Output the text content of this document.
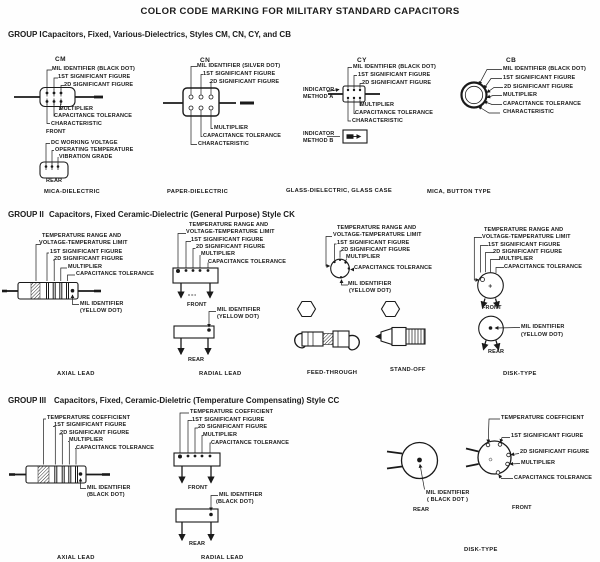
COLOR CODE MARKING FOR MILITARY STANDARD CAPACITORS
GROUP I Capacitors, Fixed, Various-Dielectrics, Styles CM, CN, CY, and CB
CM
MIL IDENTIFIER (BLACK DOT)
1ST SIGNIFICANT FIGURE
2D SIGNIFICANT FIGURE
MULTIPLIER
CAPACITANCE TOLERANCE
CHARACTERISTIC
FRONT
DC WORKING VOLTAGE
OPERATING TEMPERATURE
VIBRATION GRADE
REAR
MICA-DIELECTRIC
CN
MIL IDENTIFIER (SILVER DOT)
1ST SIGNIFICANT FIGURE
2D SIGNIFICANT FIGURE
MULTIPLIER
CAPACITANCE TOLERANCE
CHARACTERISTIC
PAPER-DIELECTRIC
CY
MIL IDENTIFIER (BLACK DOT)
1ST SIGNIFICANT FIGURE
2D SIGNIFICANT FIGURE
INDICATOR
METHOD A
MULTIPLIER
CAPACITANCE TOLERANCE
CHARACTERISTIC
INDICATOR
METHOD B
GLASS-DIELECTRIC, GLASS CASE
CB
MIL IDENTIFIER (BLACK DOT)
1ST SIGNIFICANT FIGURE
2D SIGNIFICANT FIGURE
MULTIPLIER
CAPACITANCE TOLERANCE
CHARACTERISTIC
MICA, BUTTON TYPE
GROUP II Capacitors, Fixed Ceramic-Dielectric (General Purpose) Style CK
TEMPERATURE RANGE AND
VOLTAGE-TEMPERATURE LIMIT
1ST SIGNIFICANT FIGURE
2D SIGNIFICANT FIGURE
MULTIPLIER
CAPACITANCE TOLERANCE
MIL IDENTIFIER
(YELLOW DOT)
AXIAL LEAD
TEMPERATURE RANGE AND
VOLTAGE-TEMPERATURE LIMIT
1ST SIGNIFICANT FIGURE
2D SIGNIFICANT FIGURE
MULTIPLIER
CAPACITANCE TOLERANCE
FRONT
MIL IDENTIFIER
(YELLOW DOT)
REAR
RADIAL LEAD
TEMPERATURE RANGE AND
VOLTAGE-TEMPERATURE LIMIT
1ST SIGNIFICANT FIGURE
2D SIGNIFICANT FIGURE
MULTIPLIER
CAPACITANCE TOLERANCE
MIL IDENTIFIER
(YELLOW DOT)
FEED-THROUGH	STAND-OFF
TEMPERATURE RANGE AND
VOLTAGE-TEMPERATURE LIMIT
1ST SIGNIFICANT FIGURE
2D SIGNIFICANT FIGURE
MULTIPLIER
CAPACITANCE TOLERANCE
FRONT
MIL IDENTIFIER
(YELLOW DOT)
REAR
DISK-TYPE
GROUP III Capacitors, Fixed, Ceramic-Dieletric (Temperature Compensating) Style CC
TEMPERATURE COEFFICIENT
1ST SIGNIFICANT FIGURE
2D SIGNIFICANT FIGURE
MULTIPLIER
CAPACITANCE TOLERANCE
MIL IDENTIFIER
(BLACK DOT)
AXIAL LEAD
TEMPERATURE COEFFICIENT
1ST SIGNIFICANT FIGURE
2D SIGNIFICANT FIGURE
MULTIPLIER
CAPACITANCE TOLERANCE
FRONT
MIL IDENTIFIER
(BLACK DOT)
REAR
RADIAL LEAD
MIL IDENTIFIER
( BLACK DOT )
REAR
TEMPERATURE COEFFICIENT
1ST SIGNIFICANT FIGURE
2D SIGNIFICANT FIGURE
MULTIPLIER
CAPACITANCE TOLERANCE
FRONT
DISK-TYPE
